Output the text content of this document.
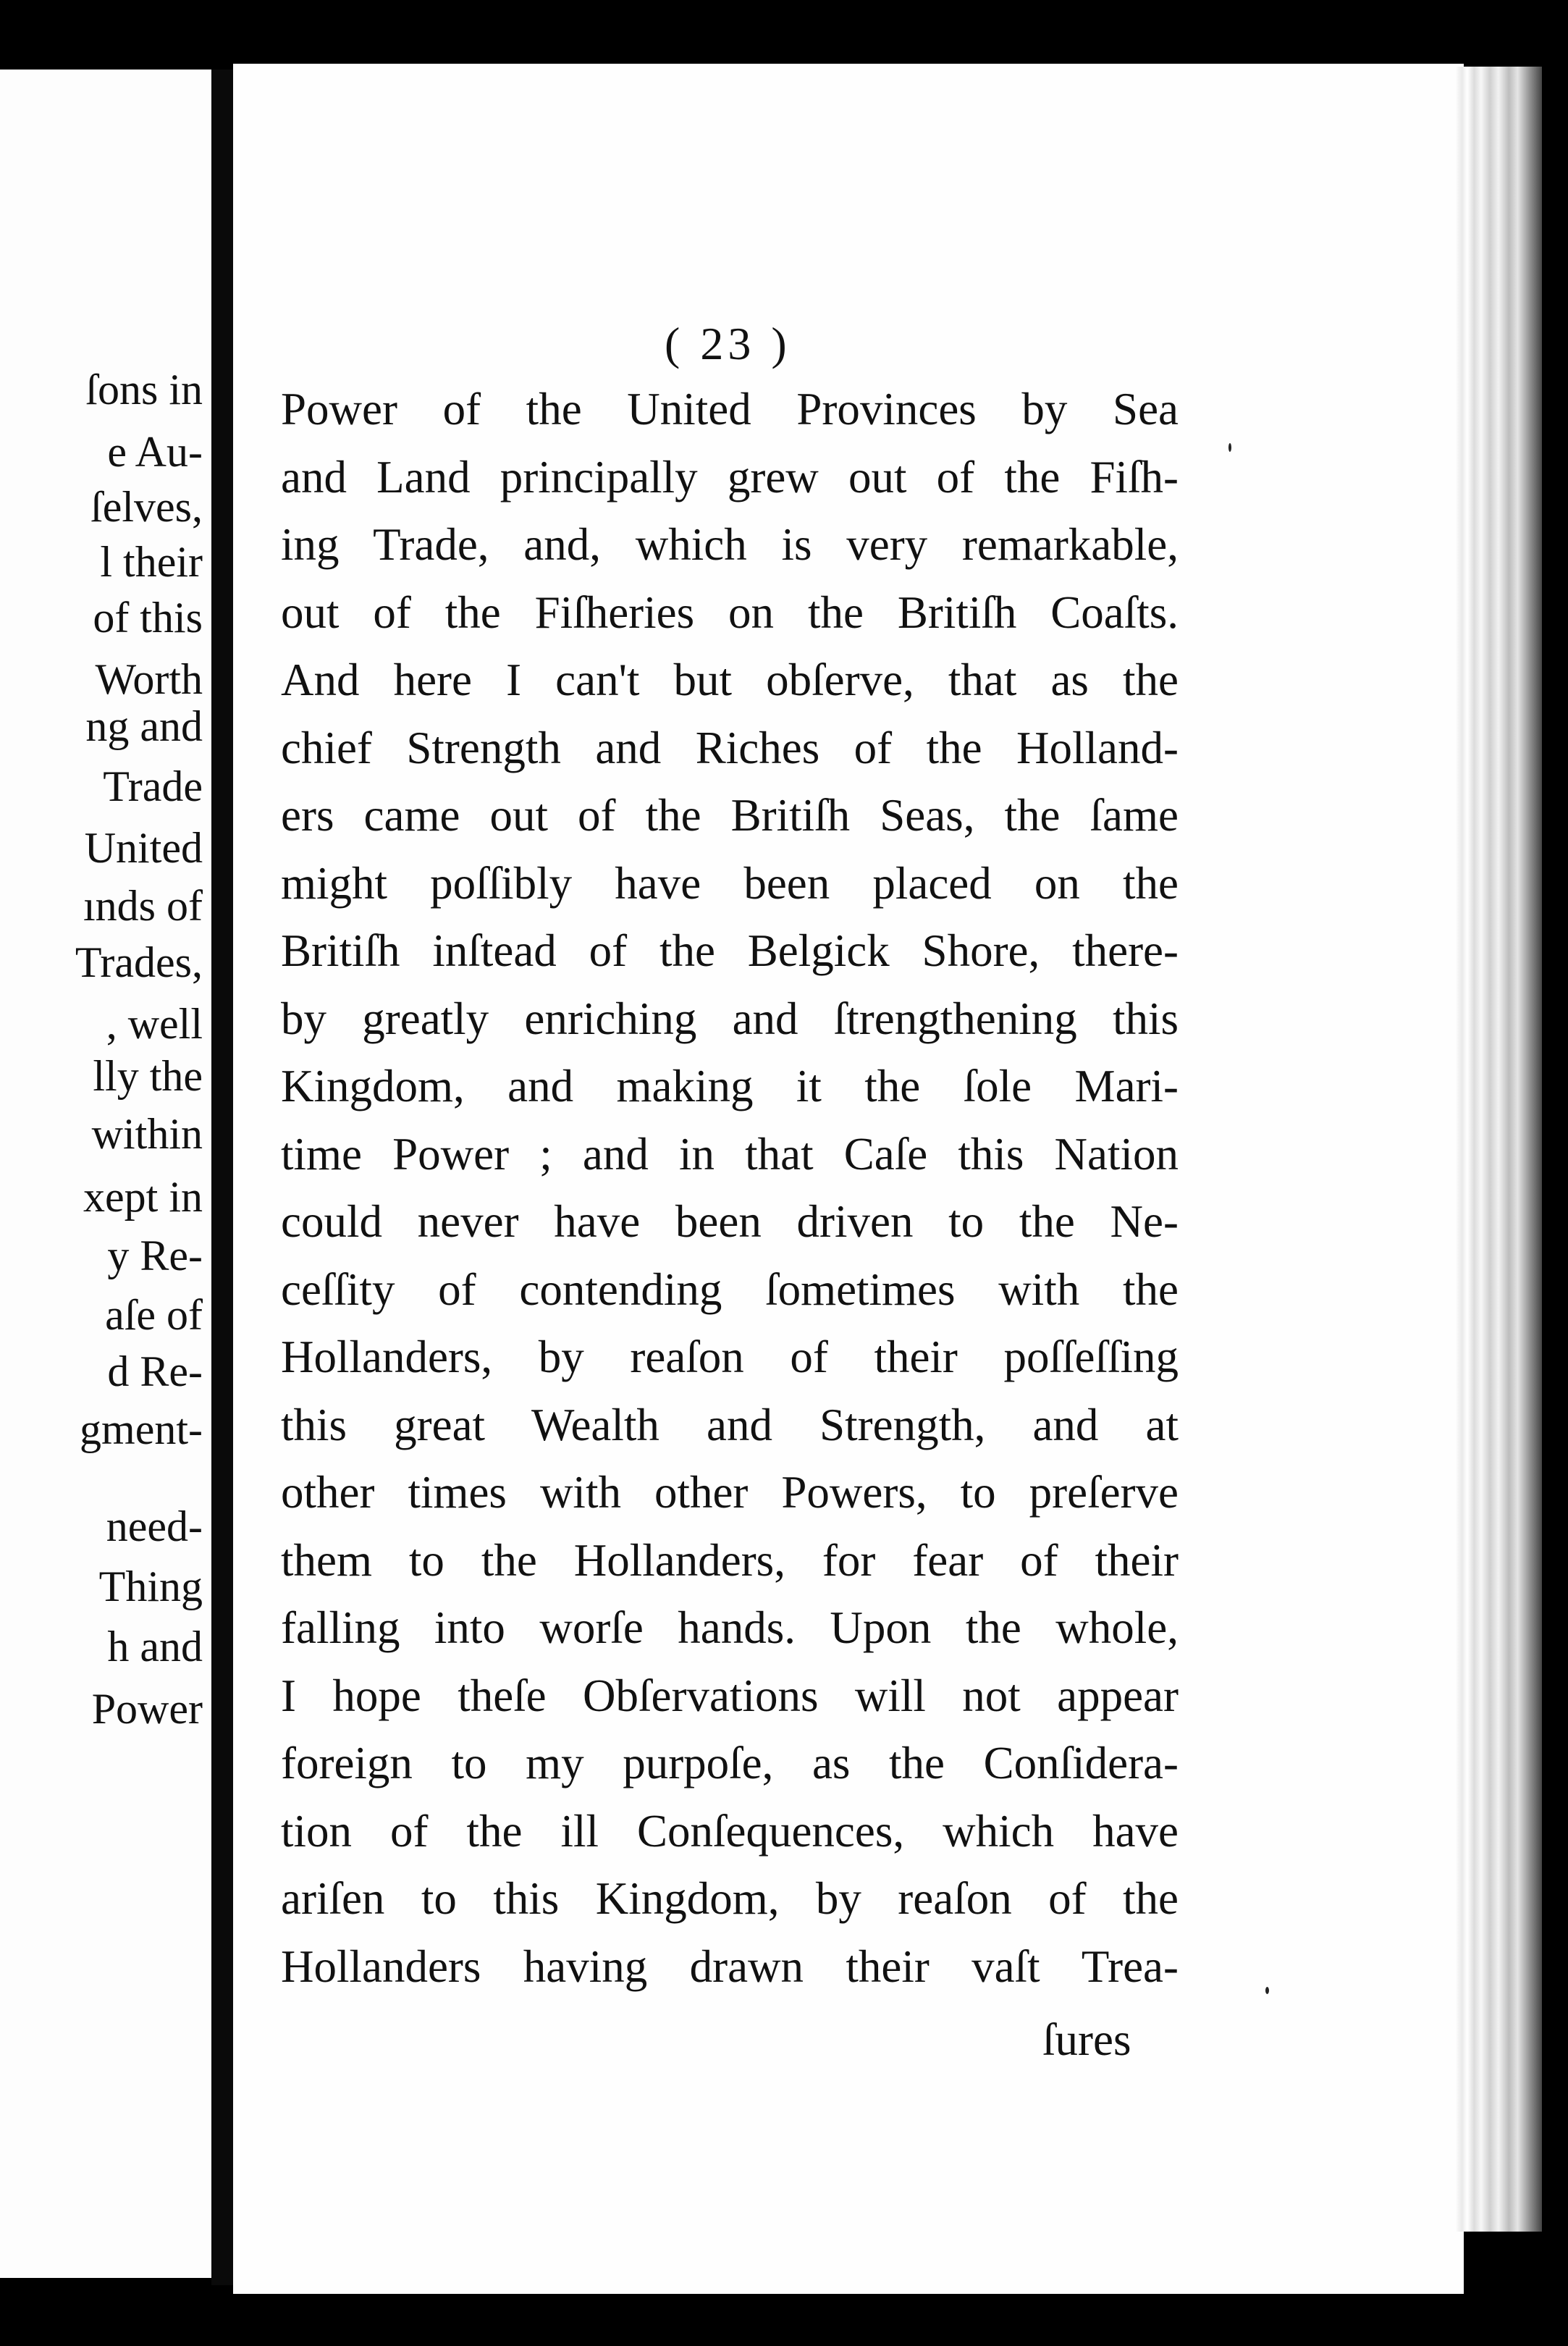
ſons in
e Au-
ſelves,
l their
of this
Worth
ng and
Trade
United
ınds of
Trades,
, well
lly the
within
xept in
y Re-
aſe of
d Re-
gment-
need-
Thing
h and
Power
( 23 )
Power of the United Provinces by Sea
and Land principally grew out of the Fiſh-
ing Trade, and, which is very remarkable,
out of the Fiſheries on the Britiſh Coaſts.
And here I can't but obſerve, that as the
chief Strength and Riches of the Holland-
ers came out of the Britiſh Seas, the ſame
might poſſibly have been placed on the
Britiſh inſtead of the Belgick Shore, there-
by greatly enriching and ſtrengthening this
Kingdom, and making it the ſole Mari-
time Power ; and in that Caſe this Nation
could never have been driven to the Ne-
ceſſity of contending ſometimes with the
Hollanders, by reaſon of their poſſeſſing
this great Wealth and Strength, and at
other times with other Powers, to preſerve
them to the Hollanders, for fear of their
falling into worſe hands. Upon the whole,
I hope theſe Obſervations will not appear
foreign to my purpoſe, as the Conſidera-
tion of the ill Conſequences, which have
ariſen to this Kingdom, by reaſon of the
Hollanders having drawn their vaſt Trea-
ſures
